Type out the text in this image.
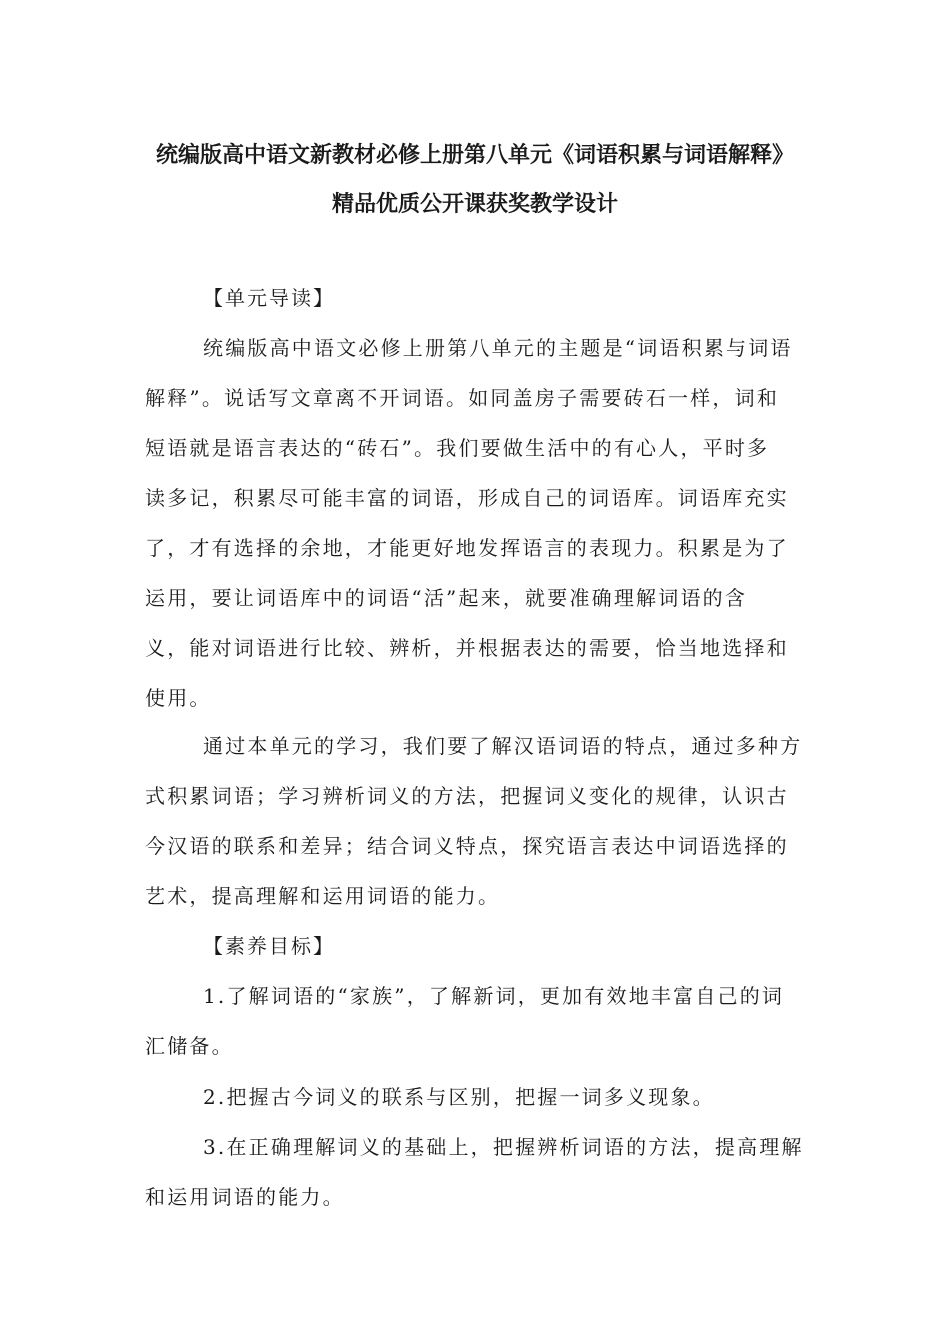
统编版高中语文新教材必修上册第八单元《词语积累与词语解释》
精品优质公开课获奖教学设计
【单元导读】
统编版高中语文必修上册第八单元的主题是“词语积累与词语
解释”。说话写文章离不开词语。如同盖房子需要砖石一样，词和
短语就是语言表达的“砖石”。我们要做生活中的有心人，平时多
读多记，积累尽可能丰富的词语，形成自己的词语库。词语库充实
了，才有选择的余地，才能更好地发挥语言的表现力。积累是为了
运用，要让词语库中的词语“活”起来，就要准确理解词语的含
义，能对词语进行比较、辨析，并根据表达的需要，恰当地选择和
使用。
通过本单元的学习，我们要了解汉语词语的特点，通过多种方
式积累词语；学习辨析词义的方法，把握词义变化的规律，认识古
今汉语的联系和差异；结合词义特点，探究语言表达中词语选择的
艺术，提高理解和运用词语的能力。
【素养目标】
1.了解词语的“家族”，了解新词，更加有效地丰富自己的词
汇储备。
2.把握古今词义的联系与区别，把握一词多义现象。
3.在正确理解词义的基础上，把握辨析词语的方法，提高理解
和运用词语的能力。
